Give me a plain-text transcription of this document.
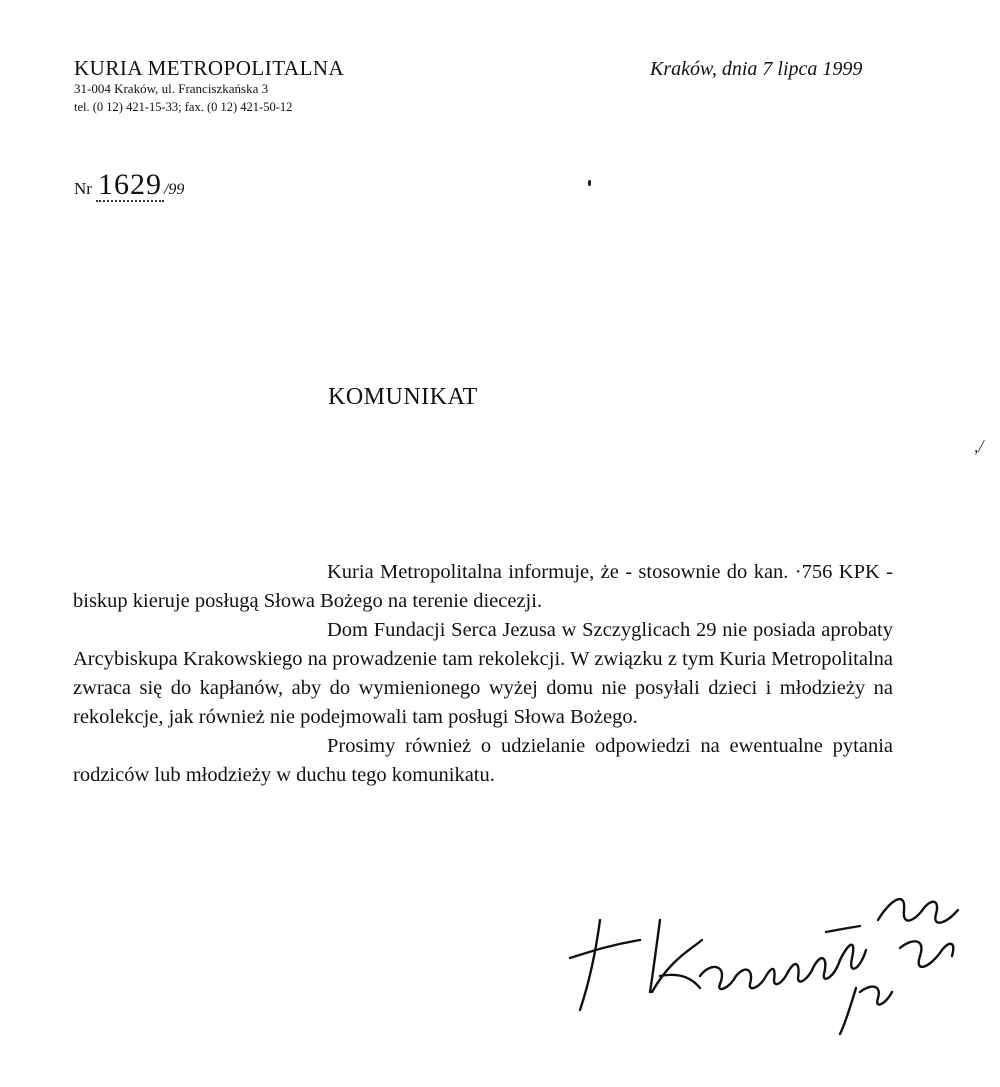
KURIA METROPOLITALNA
31-004 Kraków, ul. Franciszkańska 3
tel. (0 12) 421-15-33; fax. (0 12) 421-50-12
Kraków, dnia 7 lipca 1999
Nr 1629 /99
,/
KOMUNIKAT

Kuria Metropolitalna informuje, że - stosownie do kan. ·756 KPK - biskup kieruje posługą Słowa Bożego na terenie diecezji.

Dom Fundacji Serca Jezusa w Szczyglicach 29 nie posiada aprobaty Arcybiskupa Krakowskiego na prowadzenie tam rekolekcji. W związku z tym Kuria Metropolitalna zwraca się do kapłanów, aby do wymienionego wyżej domu nie posyłali dzieci i młodzieży na rekolekcje, jak również nie podejmowali tam posługi Słowa Bożego.

Prosimy również o udzielanie odpowiedzi na ewentualne pytania rodziców lub młodzieży w duchu tego komunikatu.
